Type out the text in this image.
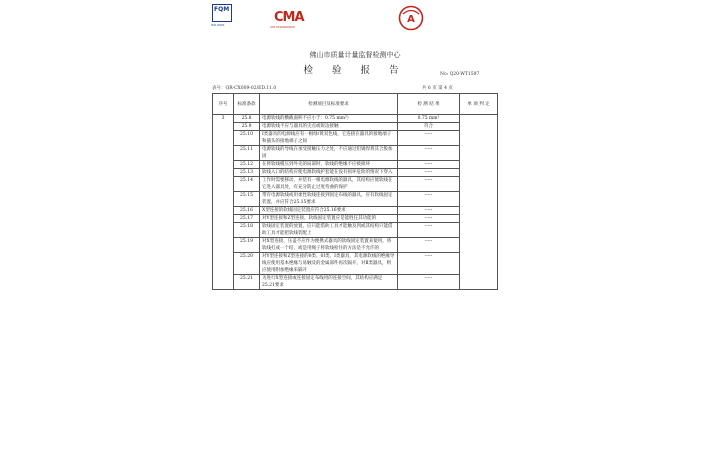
FQM
ISO 9001	CMA
2013190000000
A
佛山市质量计量监督检测中心
检 验 报 告	No: Q20-WT1597
表号：QR-CX009-02/ED.11.0	共 6 页 第 4 页
序号	标准条款	检测项目及标准要求	检 测 结 果	单 项 判 定
3	25.8	电源软线的横截面积不应小于：0.75 mm²）	0.75 mm²	
	25.9	电源软线不应与器具的尖点或锐边接触	符合	
	25.10	Ⅰ类器具的电源线应有一根绿/黄双色线，它连接在器具的接地端子和插头的接地端子之间	-----	
	25.11	电源软线的导线在承受接触压力之处，不应通过铅锡焊将其合股加固	-----	
	25.12	在将软线模压到外壳的局部时，软线的绝缘不应被损坏	-----	
	25.13	软线入口的结构应使电源软线护套能在没有损坏危险的情况下穿入	-----	
	25.14	工作时需要移动，并装有一根电源软线的器具，其结构应使软线在它进入器具处，有充分防止过度弯曲的保护	-----	
	25.15	带有电源软线或用柔性软线连接到固定布线的器具，应有软线固定装置，并应符合25.15要求	-----	
	25.16	X型连接的软线固定装置应符合25.16要求	-----	
	25.17	对Y型连接和Z型连接，软线固定装置应是能胜任其功能的	-----	
	25.18	软线固定装置的放置，应只能借助工具才能触及到或其结构只能借助工具才能把软线装配上	-----	
	25.19	对X型连接，压盖不应作为便携式器具的软线固定装置来使用，将软线打成一个结，或是用绳子将软线栓住的方法是不允许的	-----	
	25.20	对Y型连接和Z型连接的0类、0Ⅰ类、Ⅰ类器具，其电源软线的绝缘导线应使用基本绝缘与易触及的金属部件再次隔开，对Ⅱ类器具，则应使用附加绝缘来隔开	-----	
	25.21	为进行X型连接或连接固定布线用的连接空间，其结构应满足25.21要求	-----	
